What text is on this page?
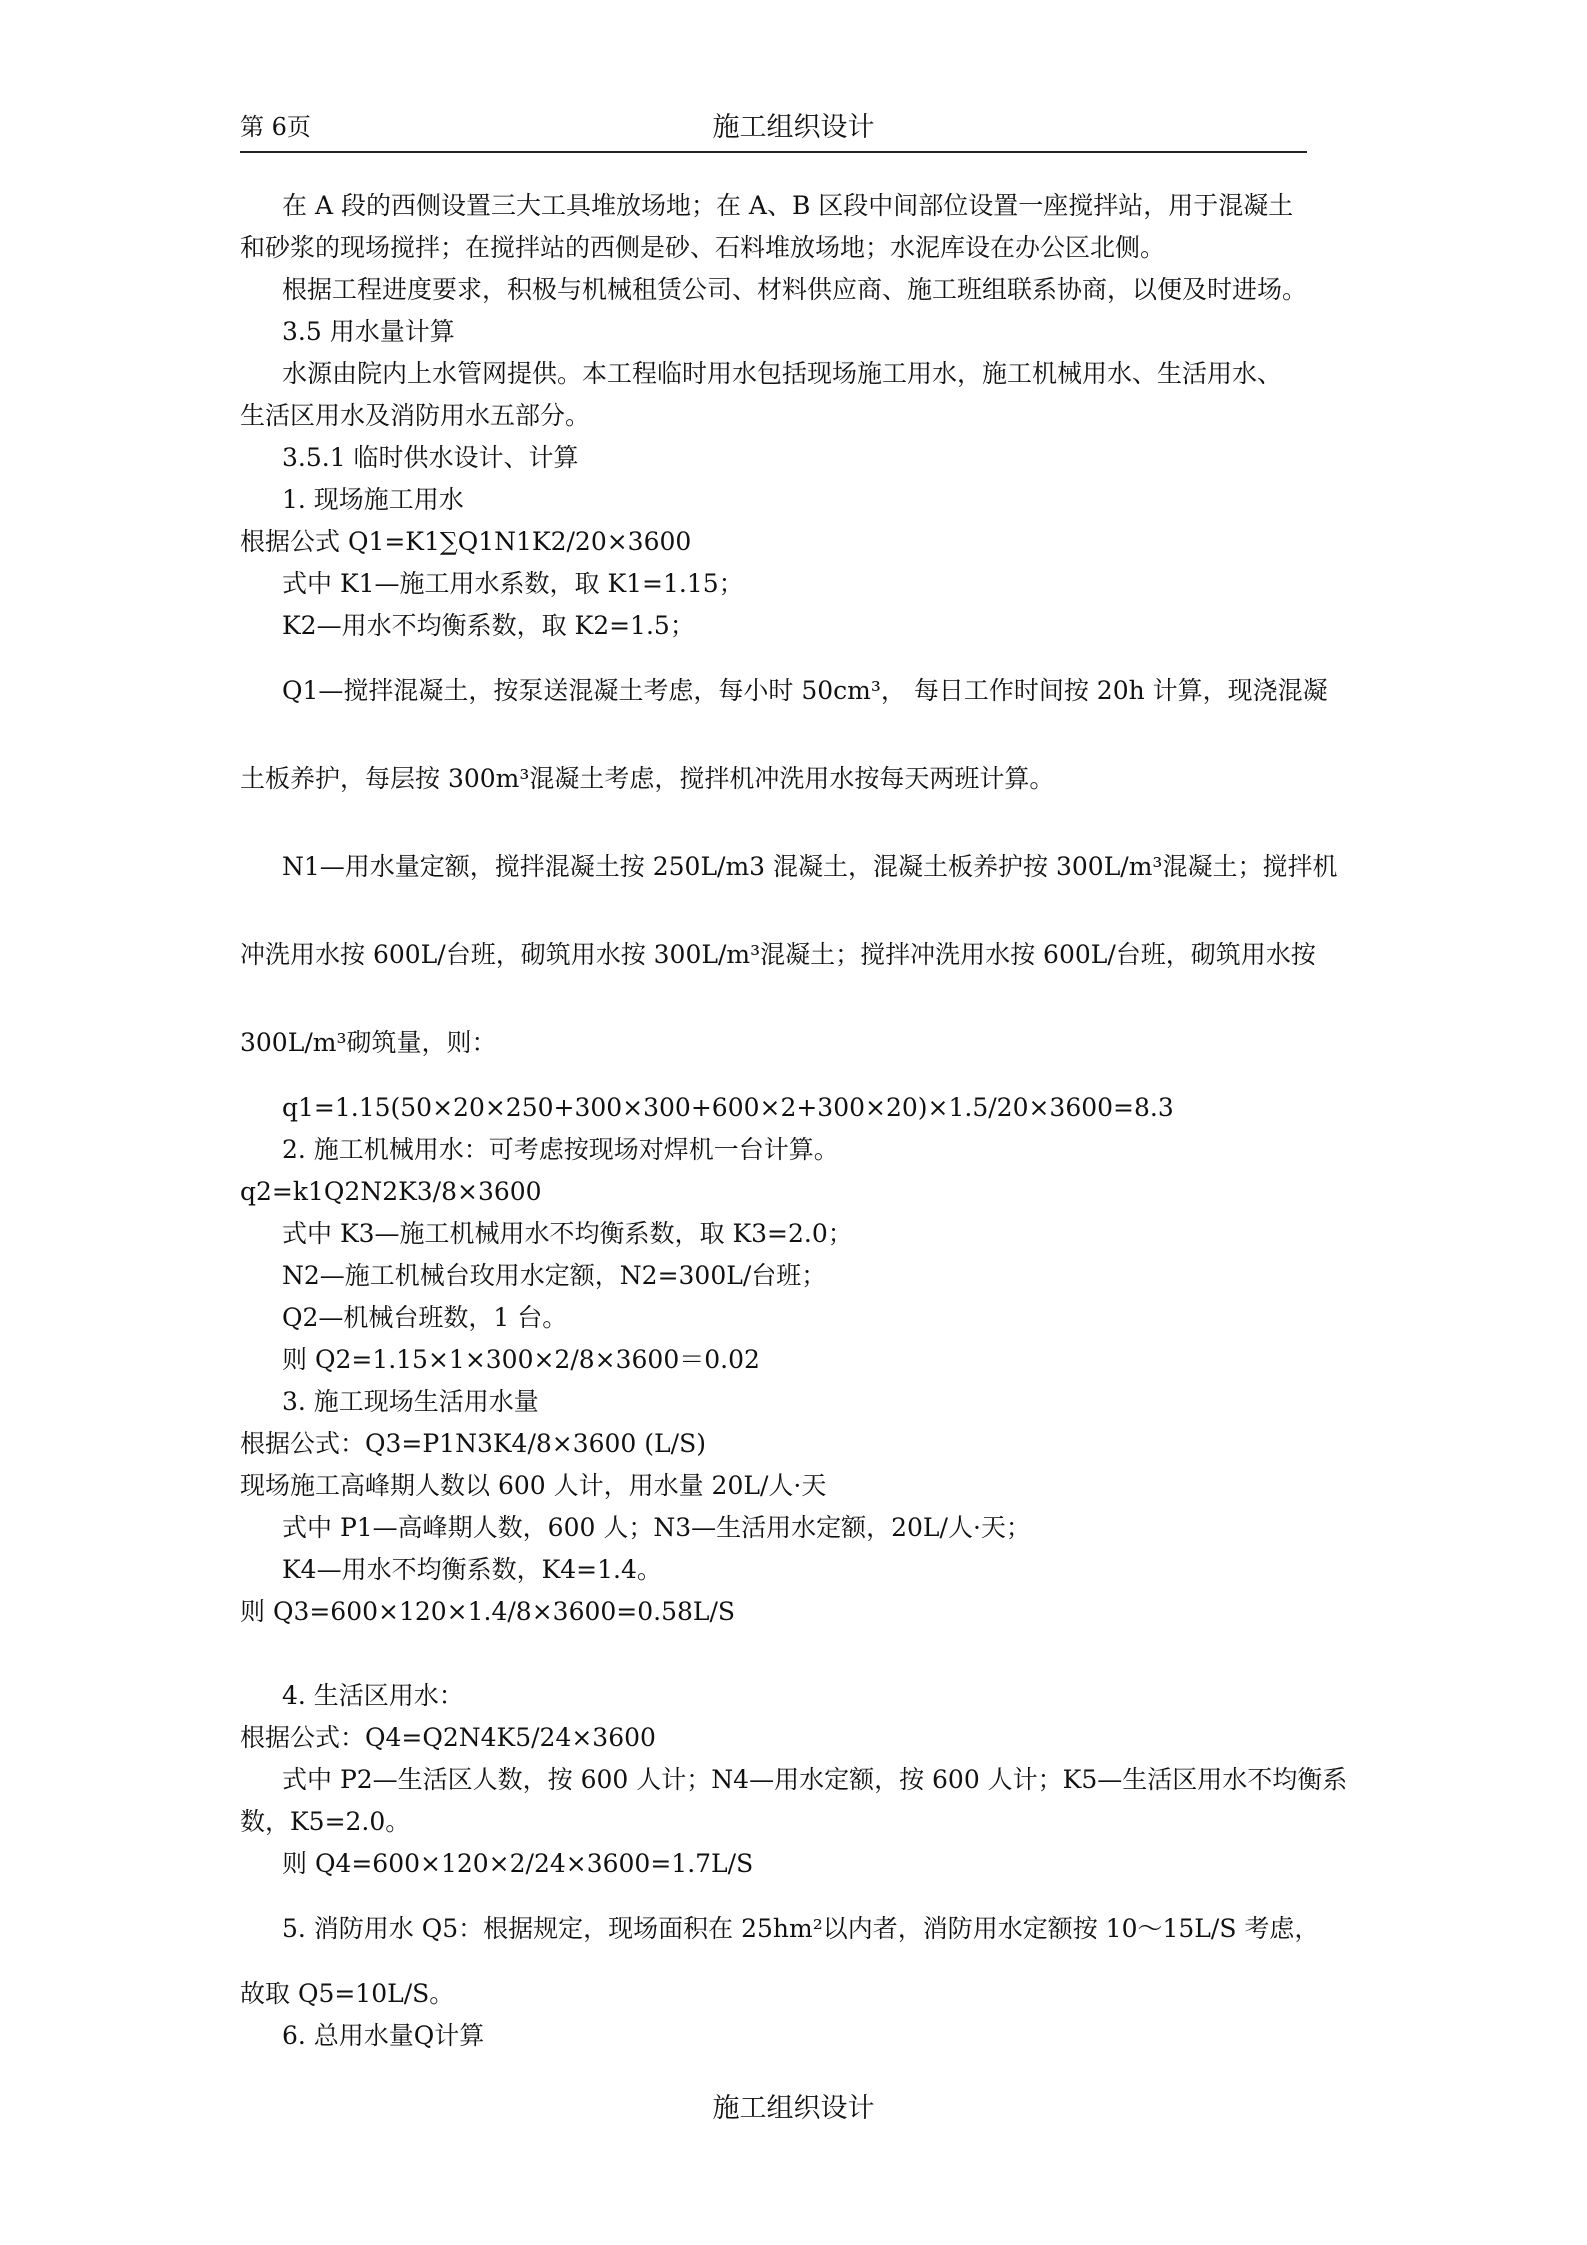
第 6页	施工组织设计
在 A 段的西侧设置三大工具堆放场地；在 A、B 区段中间部位设置一座搅拌站，用于混凝土
和砂浆的现场搅拌；在搅拌站的西侧是砂、石料堆放场地；水泥库设在办公区北侧。
根据工程进度要求，积极与机械租赁公司、材料供应商、施工班组联系协商，以便及时进场。
3.5 用水量计算
水源由院内上水管网提供。本工程临时用水包括现场施工用水，施工机械用水、生活用水、
生活区用水及消防用水五部分。
3.5.1 临时供水设计、计算
1. 现场施工用水
根据公式 Q1=K1∑Q1N1K2/20×3600
式中 K1—施工用水系数，取 K1=1.15；
K2—用水不均衡系数，取 K2=1.5；
Q1—搅拌混凝土，按泵送混凝土考虑，每小时 50cm³， 每日工作时间按 20h 计算，现浇混凝
土板养护，每层按 300m³混凝土考虑，搅拌机冲洗用水按每天两班计算。
N1—用水量定额，搅拌混凝土按 250L/m3 混凝土，混凝土板养护按 300L/m³混凝土；搅拌机
冲洗用水按 600L/台班，砌筑用水按 300L/m³混凝土；搅拌冲洗用水按 600L/台班，砌筑用水按
300L/m³砌筑量，则：
q1=1.15(50×20×250+300×300+600×2+300×20)×1.5/20×3600=8.3
2. 施工机械用水：可考虑按现场对焊机一台计算。
q2=k1Q2N2K3/8×3600
式中 K3—施工机械用水不均衡系数，取 K3=2.0；
N2—施工机械台玫用水定额，N2=300L/台班；
Q2—机械台班数，1 台。
则 Q2=1.15×1×300×2/8×3600＝0.02
3. 施工现场生活用水量
根据公式：Q3=P1N3K4/8×3600 (L/S)
现场施工高峰期人数以 600 人计，用水量 20L/人·天
式中 P1—高峰期人数，600 人；N3—生活用水定额，20L/人·天；
K4—用水不均衡系数，K4=1.4。
则 Q3=600×120×1.4/8×3600=0.58L/S
4. 生活区用水：
根据公式：Q4=Q2N4K5/24×3600
式中 P2—生活区人数，按 600 人计；N4—用水定额，按 600 人计；K5—生活区用水不均衡系
数，K5=2.0。
则 Q4=600×120×2/24×3600=1.7L/S
5. 消防用水 Q5：根据规定，现场面积在 25hm²以内者，消防用水定额按 10～15L/S 考虑，
故取 Q5=10L/S。
6. 总用水量Q计算
施工组织设计
